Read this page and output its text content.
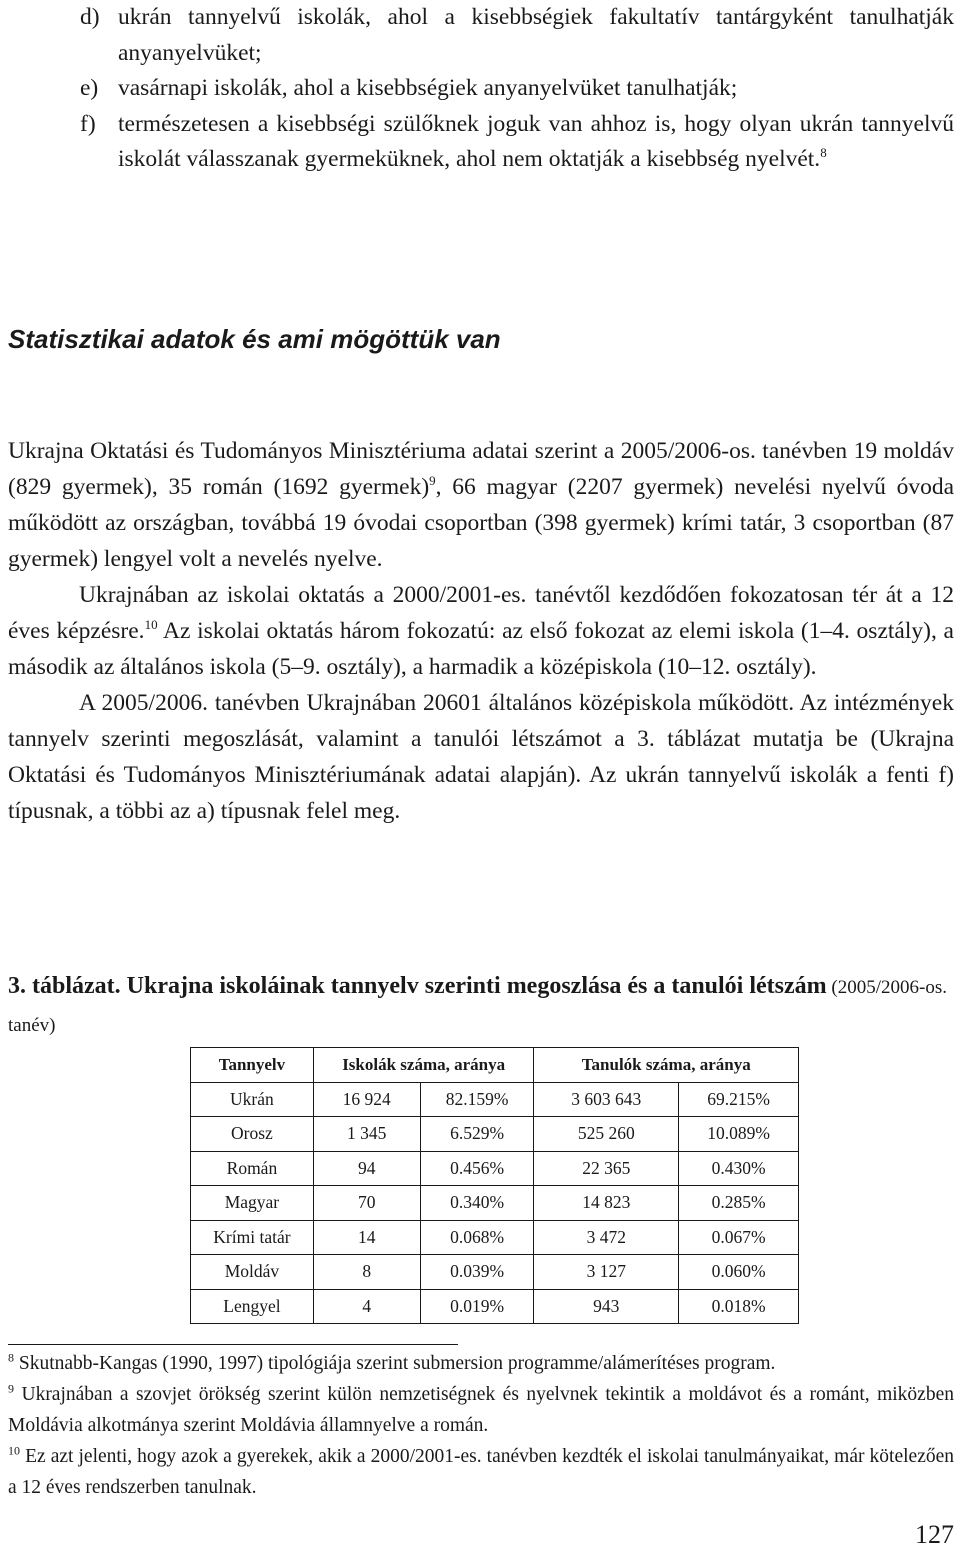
d) ukrán tannyelvű iskolák, ahol a kisebbségiek fakultatív tantárgyként tanulhatják anyanyelvüket;
e) vasárnapi iskolák, ahol a kisebbségiek anyanyelvüket tanulhatják;
f) természetesen a kisebbségi szülőknek joguk van ahhoz is, hogy olyan ukrán tannyelvű iskolát válasszanak gyermeküknek, ahol nem oktatják a kisebbség nyelvét.$^8$
Statisztikai adatok és ami mögöttük van

Ukrajna Oktatási és Tudományos Minisztériuma adatai szerint a 2005/2006-os. tanévben 19 moldáv (829 gyermek), 35 román (1692 gyermek)$^9$, 66 magyar (2207 gyermek) nevelési nyelvű óvoda működött az országban, továbbá 19 óvodai csoportban (398 gyermek) krími tatár, 3 csoportban (87 gyermek) lengyel volt a nevelés nyelve.

Ukrajnában az iskolai oktatás a 2000/2001-es. tanévtől kezdődően fokozatosan tér át a 12 éves képzésre.$^{10}$ Az iskolai oktatás három fokozatú: az első fokozat az elemi iskola (1–4. osztály), a második az általános iskola (5–9. osztály), a harmadik a középiskola (10–12. osztály).

A 2005/2006. tanévben Ukrajnában 20601 általános középiskola működött. Az intézmények tannyelv szerinti megoszlását, valamint a tanulói létszámot a 3. táblázat mutatja be (Ukrajna Oktatási és Tudományos Minisztériumának adatai alapján). Az ukrán tannyelvű iskolák a fenti f) típusnak, a többi az a) típusnak felel meg.

3. táblázat. Ukrajna iskoláinak tannyelv szerinti megoszlása és a tanulói létszám (2005/2006-os. tanév)
Tannyelv	Iskolák száma, aránya		Tanulók száma, aránya	
Ukrán	16 924	82.159%	3 603 643	69.215%
Orosz	1 345	6.529%	525 260	10.089%
Román	94	0.456%	22 365	0.430%
Magyar	70	0.340%	14 823	0.285%
Krími tatár	14	0.068%	3 472	0.067%
Moldáv	8	0.039%	3 127	0.060%
Lengyel	4	0.019%	943	0.018%

$^8$ Skutnabb-Kangas (1990, 1997) tipológiája szerint submersion programme/alámerítéses program.

$^9$ Ukrajnában a szovjet örökség szerint külön nemzetiségnek és nyelvnek tekintik a moldávot és a románt, miközben Moldávia alkotmánya szerint Moldávia államnyelve a román.

$^{10}$ Ez azt jelenti, hogy azok a gyerekek, akik a 2000/2001-es. tanévben kezdték el iskolai tanulmányaikat, már kötelezően a 12 éves rendszerben tanulnak.

127
